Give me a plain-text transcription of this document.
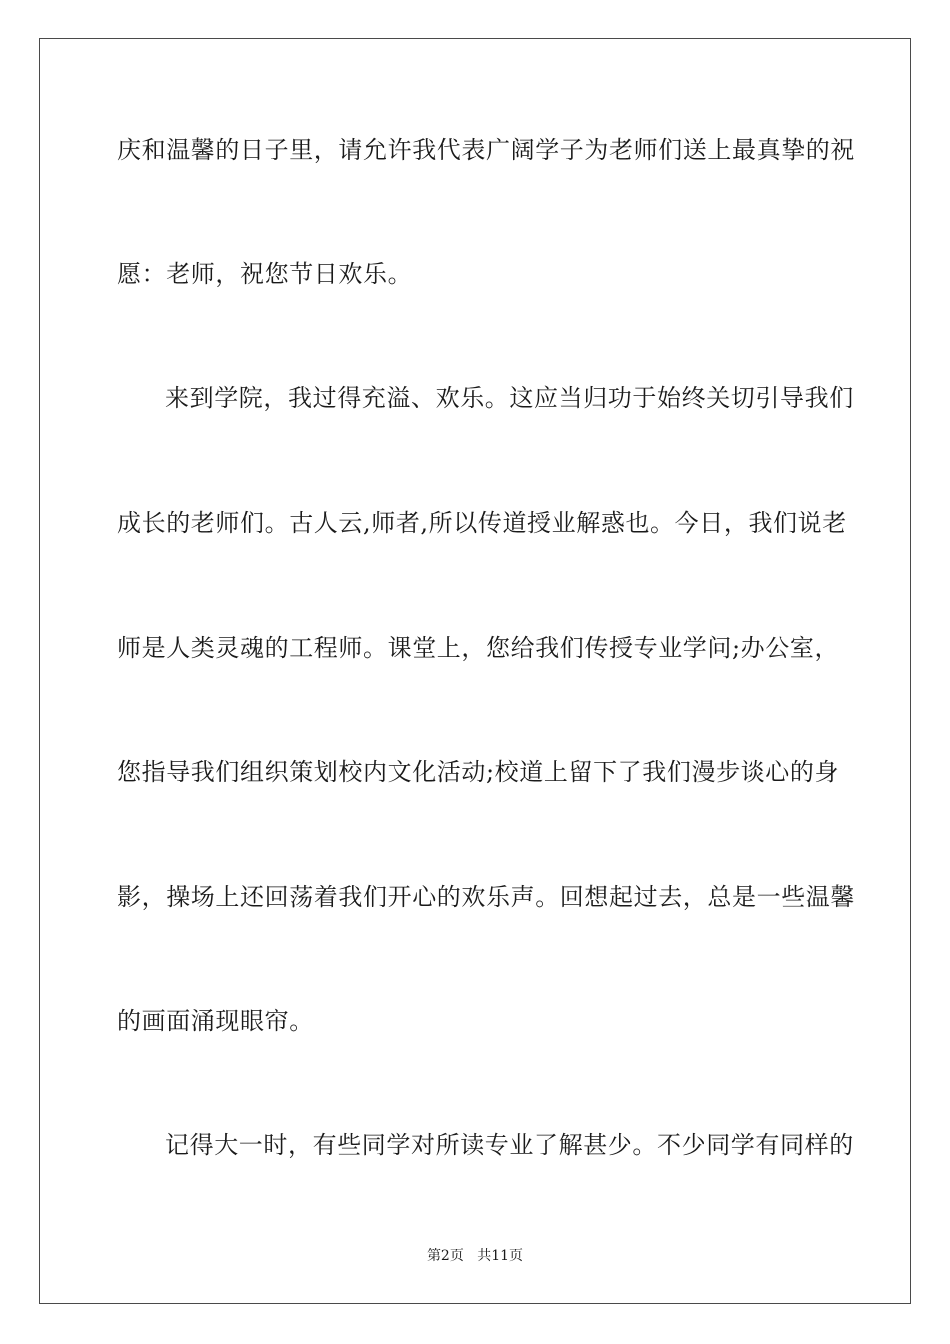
庆和温馨的日子里，请允许我代表广阔学子为老师们送上最真挚的祝
愿：老师，祝您节日欢乐。
来到学院，我过得充溢、欢乐。这应当归功于始终关切引导我们
成长的老师们。古人云,师者,所以传道授业解惑也。今日，我们说老
师是人类灵魂的工程师。课堂上，您给我们传授专业学问;办公室，
您指导我们组织策划校内文化活动;校道上留下了我们漫步谈心的身
影，操场上还回荡着我们开心的欢乐声。回想起过去，总是一些温馨
的画面涌现眼帘。
记得大一时，有些同学对所读专业了解甚少。不少同学有同样的
第2页 共11页
